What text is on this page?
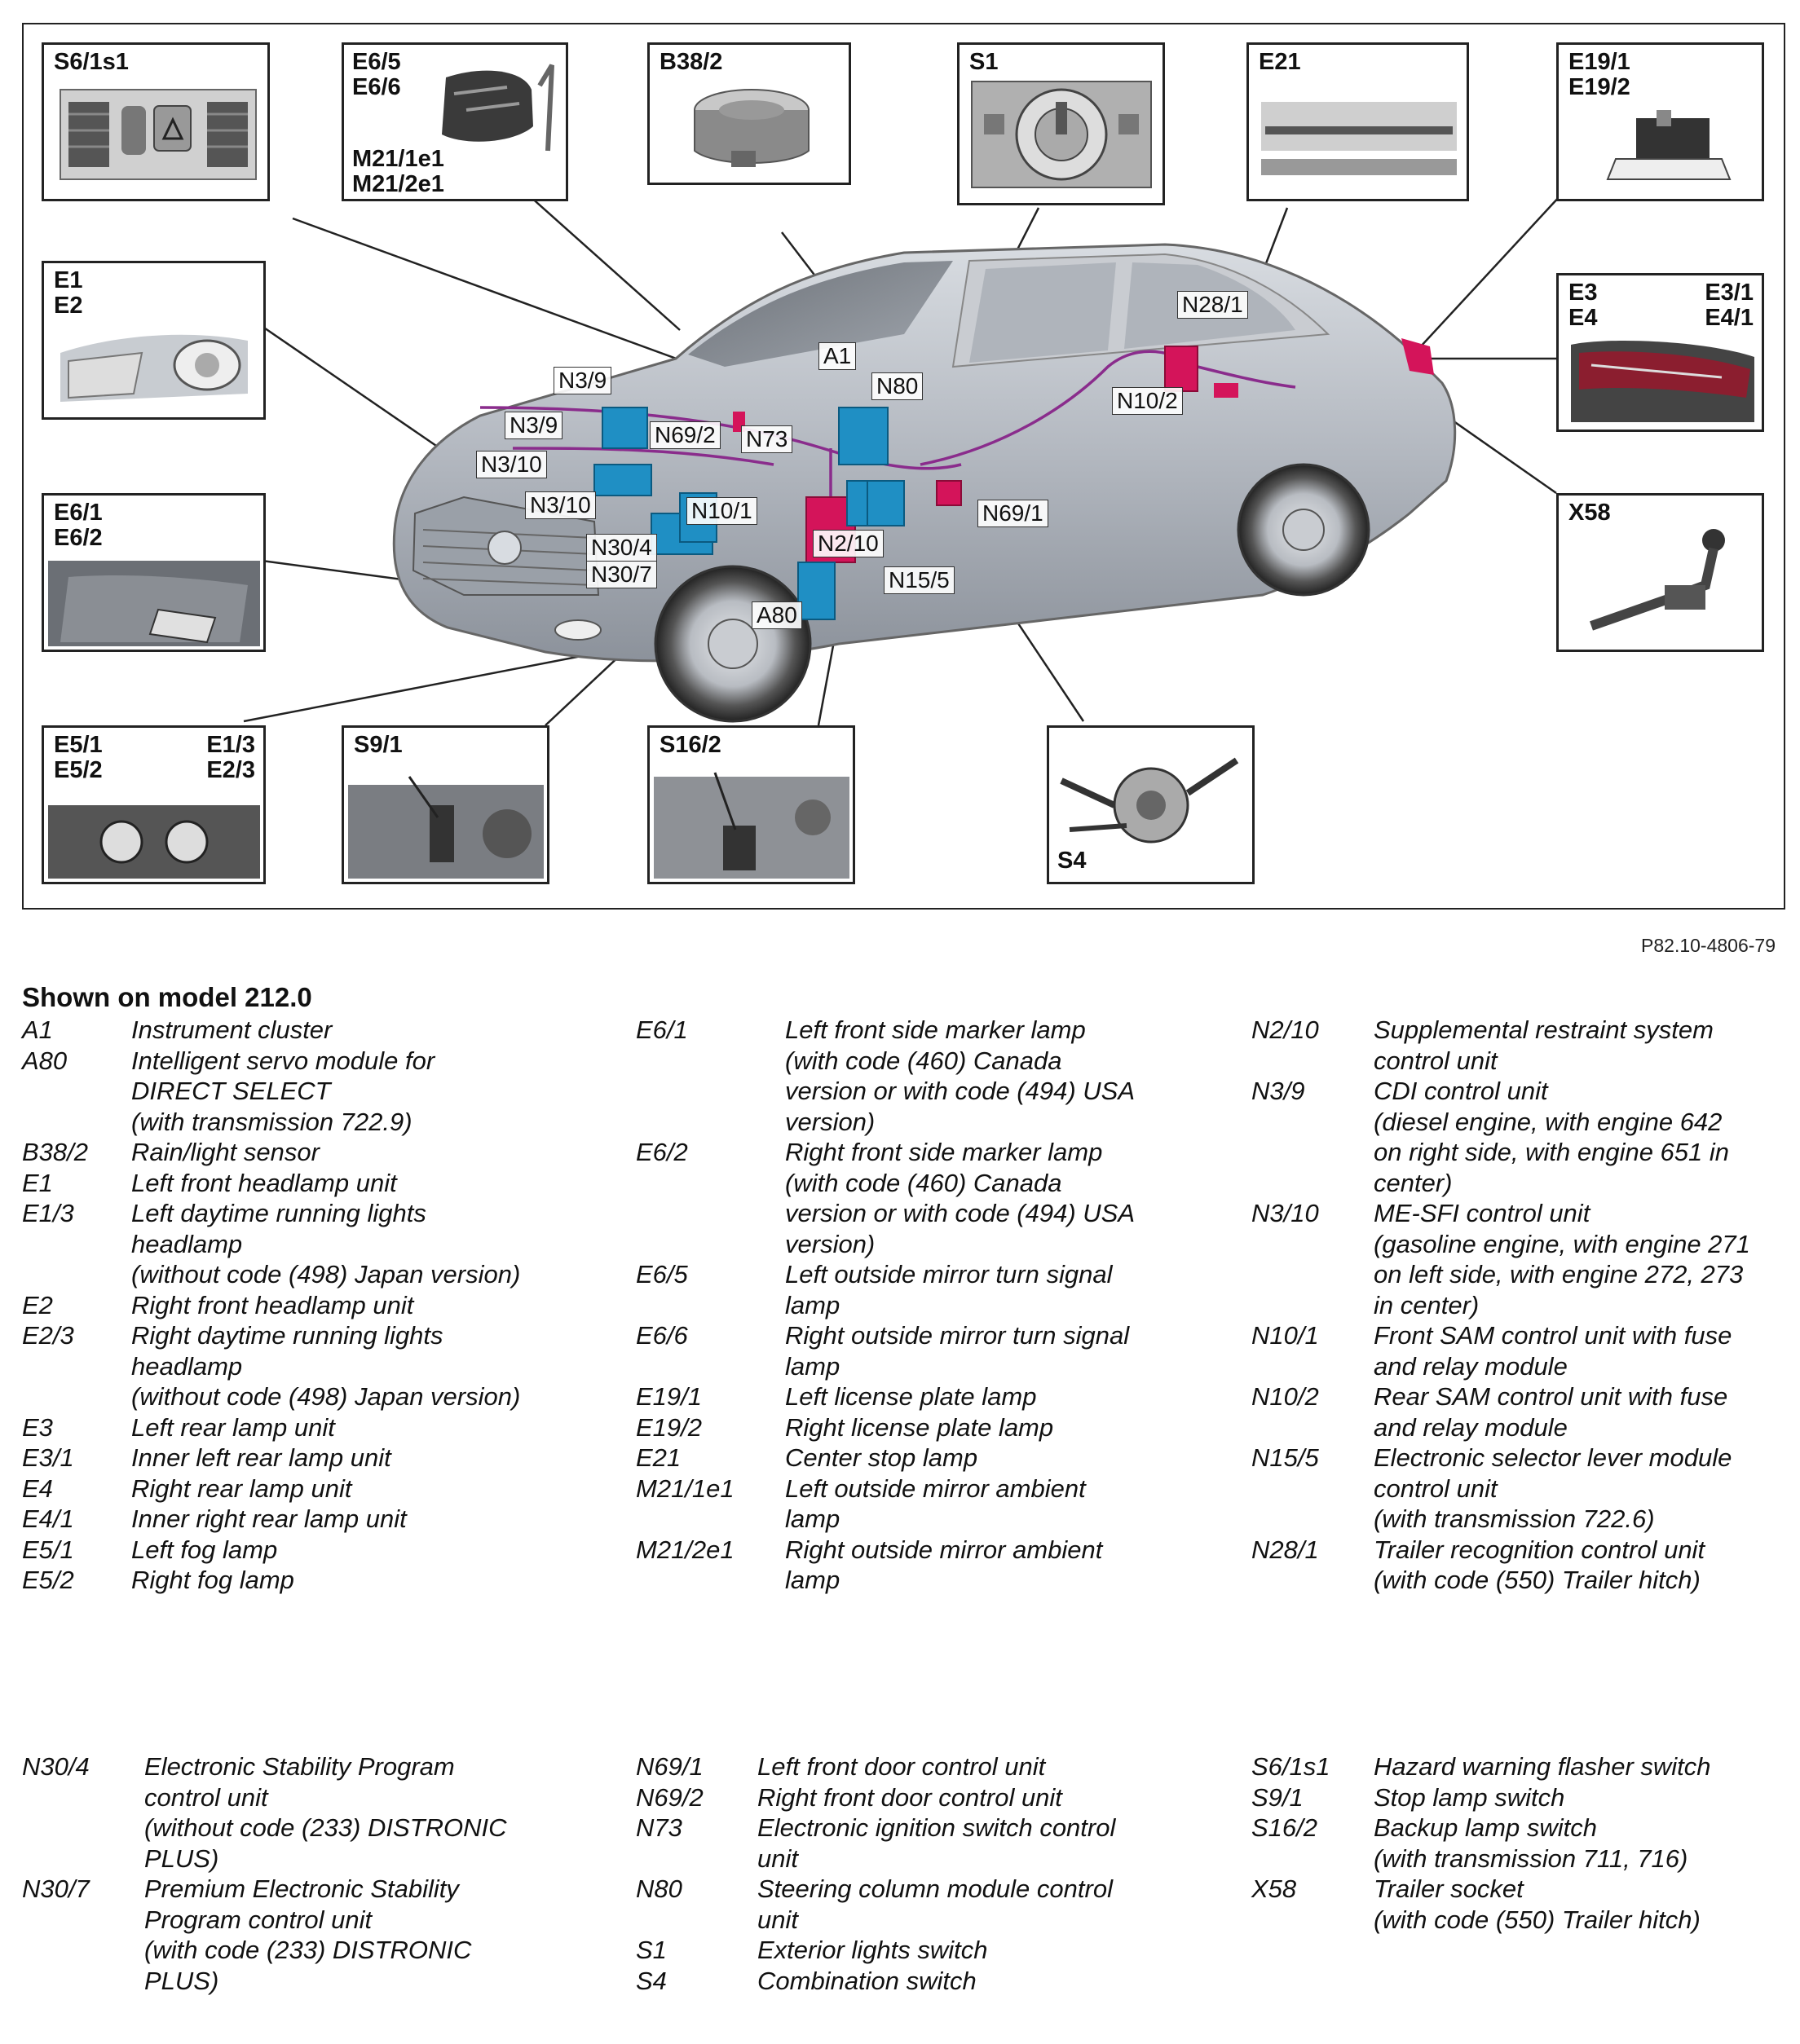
S6/1s1	E6/5
E6/6
M21/1e1
M21/2e1
B38/2	S1	E21	E19/1
E19/2
E1
E2	E3
E4
E3/1
E4/1
E6/1
E6/2
X58
E5/1
E5/2
E1/3
E2/3
S9/1	S16/2
S4
N3/9
N3/9
N3/10
N3/10
N30/4
N30/7
N69/2 N73
A1
N80
N28/1
N10/2
N10/1
N2/10
N15/5
N69/1
A80
P82.10-4806-79
Shown on model 212.0
A1	Instrument cluster
A80	Intelligent servo module for
DIRECT SELECT
(with transmission 722.9)
B38/2	Rain/light sensor
E1	Left front headlamp unit
E1/3	Left daytime running lights
headlamp
(without code (498) Japan version)
E2	Right front headlamp unit
E2/3	Right daytime running lights
headlamp
(without code (498) Japan version)
E3	Left rear lamp unit
E3/1	Inner left rear lamp unit
E4	Right rear lamp unit
E4/1	Inner right rear lamp unit
E5/1	Left fog lamp
E5/2	Right fog lamp
E6/1	Left front side marker lamp
(with code (460) Canada
version or with code (494) USA
version)
E6/2	Right front side marker lamp
(with code (460) Canada
version or with code (494) USA
version)
E6/5	Left outside mirror turn signal
lamp
E6/6	Right outside mirror turn signal
lamp
E19/1	Left license plate lamp
E19/2	Right license plate lamp
E21	Center stop lamp
M21/1e1	Left outside mirror ambient
lamp
M21/2e1	Right outside mirror ambient
lamp
N2/10	Supplemental restraint system
control unit
N3/9	CDI control unit
(diesel engine, with engine 642
on right side, with engine 651 in
center)
N3/10	ME-SFI control unit
(gasoline engine, with engine 271
on left side, with engine 272, 273
in center)
N10/1	Front SAM control unit with fuse
and relay module
N10/2	Rear SAM control unit with fuse
and relay module
N15/5	Electronic selector lever module
control unit
(with transmission 722.6)
N28/1	Trailer recognition control unit
(with code (550) Trailer hitch)
N30/4	Electronic Stability Program
control unit
(without code (233) DISTRONIC
PLUS)
N30/7	Premium Electronic Stability
Program control unit
(with code (233) DISTRONIC
PLUS)
N69/1	Left front door control unit
N69/2	Right front door control unit
N73	Electronic ignition switch control
unit
N80	Steering column module control
unit
S1	Exterior lights switch
S4	Combination switch
S6/1s1	Hazard warning flasher switch
S9/1	Stop lamp switch
S16/2	Backup lamp switch
(with transmission 711, 716)
X58	Trailer socket
(with code (550) Trailer hitch)
